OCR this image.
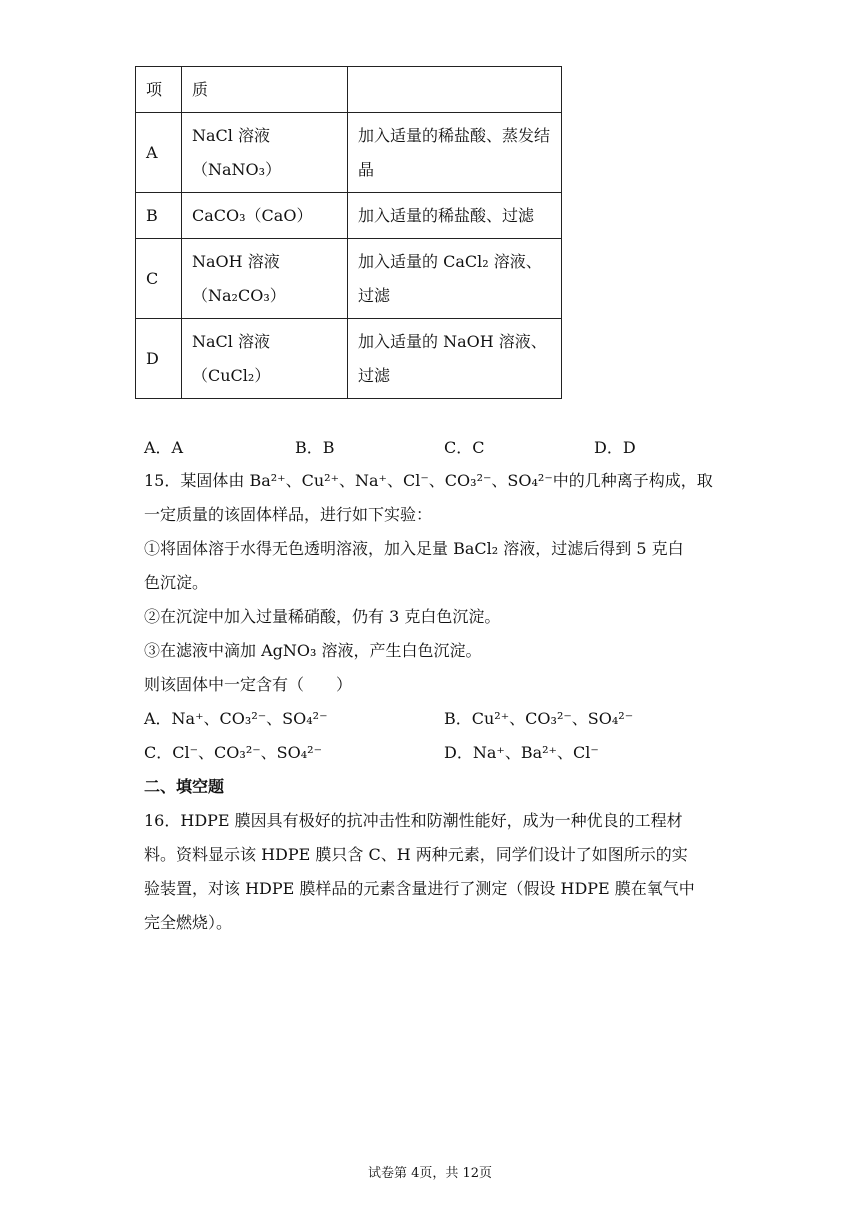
项	质	
A	NaCl 溶液（NaNO₃）	加入适量的稀盐酸、蒸发结晶
B	CaCO₃（CaO）	加入适量的稀盐酸、过滤
C	NaOH 溶液（Na₂CO₃）	加入适量的 CaCl₂ 溶液、过滤
D	NaCl 溶液（CuCl₂）	加入适量的 NaOH 溶液、过滤
A．A	B．B	C．C	D．D
15．某固体由 Ba²⁺、Cu²⁺、Na⁺、Cl⁻、CO₃²⁻、SO₄²⁻中的几种离子构成，取
一定质量的该固体样品，进行如下实验：
①将固体溶于水得无色透明溶液，加入足量 BaCl₂ 溶液，过滤后得到 5 克白
色沉淀。
②在沉淀中加入过量稀硝酸，仍有 3 克白色沉淀。
③在滤液中滴加 AgNO₃ 溶液，产生白色沉淀。
则该固体中一定含有（　　）
A．Na⁺、CO₃²⁻、SO₄²⁻	B．Cu²⁺、CO₃²⁻、SO₄²⁻
C．Cl⁻、CO₃²⁻、SO₄²⁻	D．Na⁺、Ba²⁺、Cl⁻
二、填空题
16．HDPE 膜因具有极好的抗冲击性和防潮性能好，成为一种优良的工程材
料。资料显示该 HDPE 膜只含 C、H 两种元素，同学们设计了如图所示的实
验装置，对该 HDPE 膜样品的元素含量进行了测定（假设 HDPE 膜在氧气中
完全燃烧）。
试卷第 4页，共 12页
